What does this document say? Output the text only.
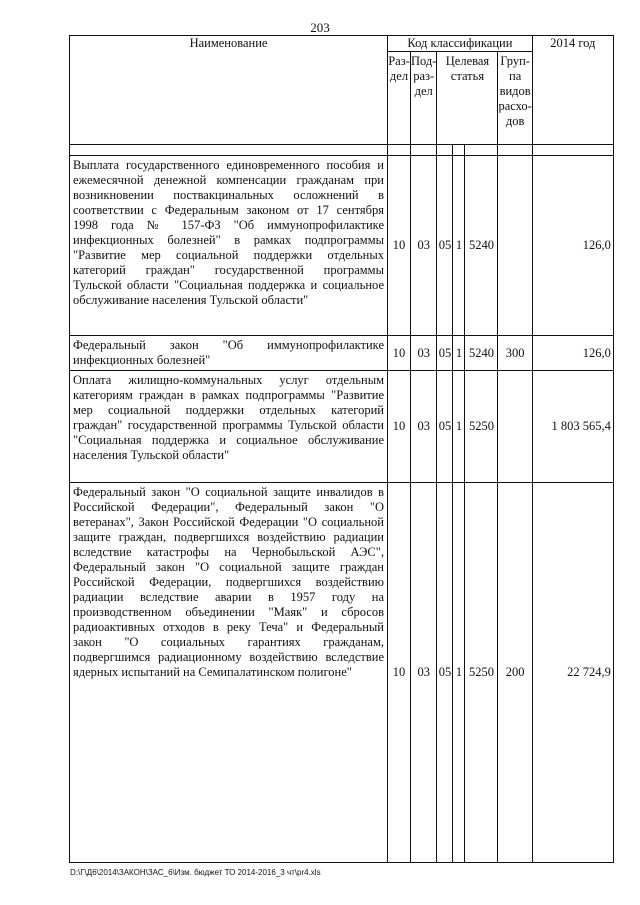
203
Наименование	Код классификации						2014 год
	Раз-дел	Под-раз-дел	Целевая статья			Груп-па видов расхо-дов	

Выплата государственного единовременного пособия и ежемесячной денежной компенсации гражданам при возникновении поствакцинальных осложнений в соответствии с Федеральным законом от 17 сентября 1998 года № 157-ФЗ "Об иммунопрофилактике инфекционных болезней" в рамках подпрограммы "Развитие мер социальной поддержки отдельных категорий граждан" государственной программы Тульской области "Социальная поддержка и социальное обслуживание населения Тульской области"	10	03	05	1	5240		126,0
Федеральный закон "Об иммунопрофилактике инфекционных болезней"	10	03	05	1	5240	300	126,0
Оплата жилищно-коммунальных услуг отдельным категориям граждан в рамках подпрограммы "Развитие мер социальной поддержки отдельных категорий граждан" государственной программы Тульской области "Социальная поддержка и социальное обслуживание населения Тульской области"	10	03	05	1	5250		1 803 565,4
Федеральный закон "О социальной защите инвалидов в Российской Федерации", Федеральный закон "О ветеранах", Закон Российской Федерации "О социальной защите граждан, подвергшихся воздействию радиации вследствие катастрофы на Чернобыльской АЭС", Федеральный закон "О социальной защите граждан Российской Федерации, подвергшихся воздействию радиации вследствие аварии в 1957 году на производственном объединении "Маяк" и сбросов радиоактивных отходов в реку Теча" и Федеральный закон "О социальных гарантиях гражданам, подвергшимся радиационному воздействию вследствие ядерных испытаний на Семипалатинском полигоне"	10	03	05	1	5250	200	22 724,9
D:\Г\Д6\2014\ЗАКОН\ЗАС_6\Изм. бюджет ТО 2014-2016_3 чт\pr4.xls
